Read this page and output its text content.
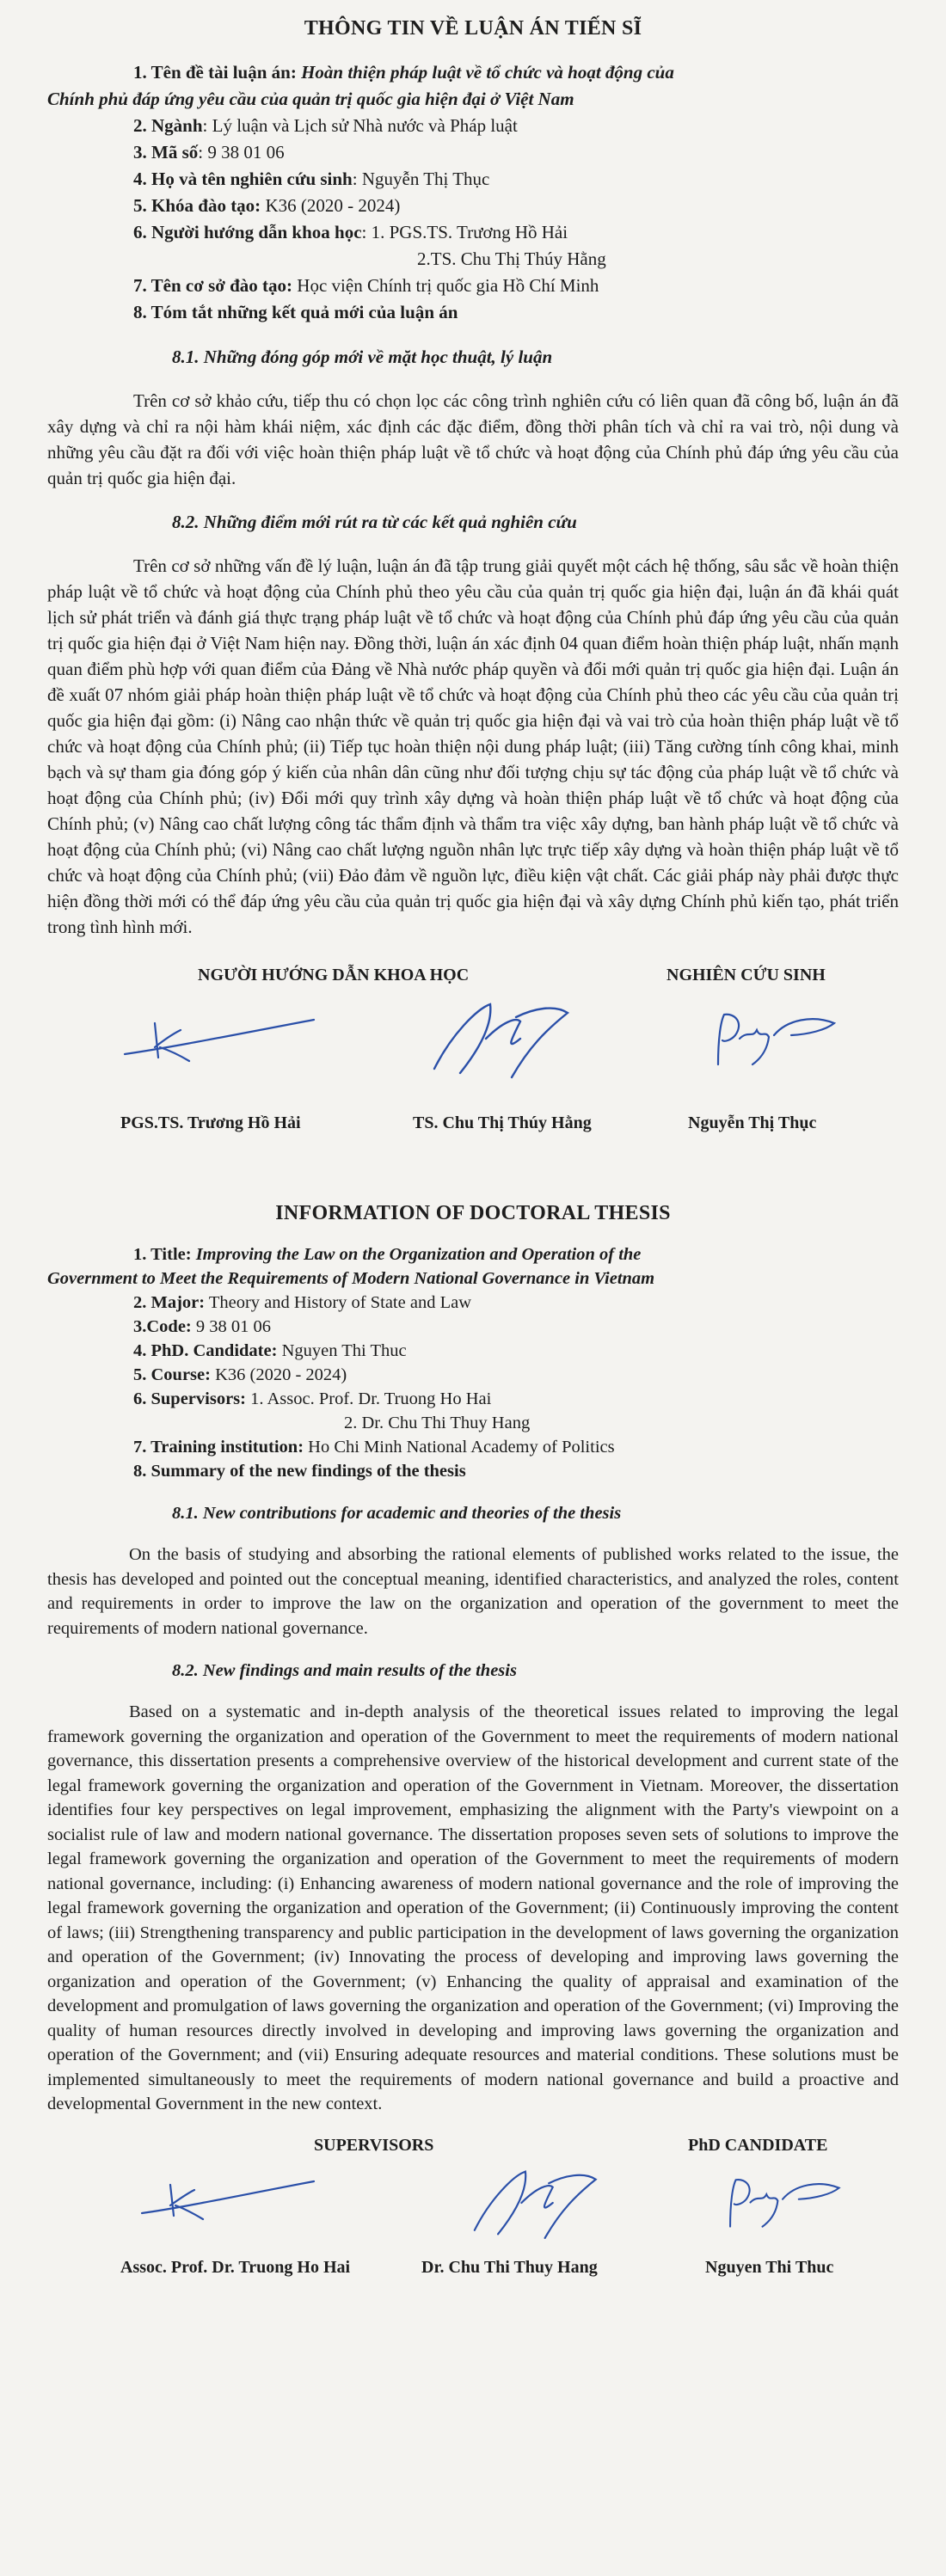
THÔNG TIN VỀ LUẬN ÁN TIẾN SĨ

1. Tên đề tài luận án: Hoàn thiện pháp luật về tổ chức và hoạt động của

Chính phủ đáp ứng yêu cầu của quản trị quốc gia hiện đại ở Việt Nam

2. Ngành: Lý luận và Lịch sử Nhà nước và Pháp luật

3. Mã số: 9 38 01 06

4. Họ và tên nghiên cứu sinh: Nguyễn Thị Thục

5. Khóa đào tạo: K36 (2020 - 2024)

6. Người hướng dẫn khoa học: 1. PGS.TS. Trương Hồ Hải

2.TS. Chu Thị Thúy Hằng

7. Tên cơ sở đào tạo: Học viện Chính trị quốc gia Hồ Chí Minh

8. Tóm tắt những kết quả mới của luận án

8.1. Những đóng góp mới về mặt học thuật, lý luận

Trên cơ sở khảo cứu, tiếp thu có chọn lọc các công trình nghiên cứu có liên quan đã công bố, luận án đã xây dựng và chỉ ra nội hàm khái niệm, xác định các đặc điểm, đồng thời phân tích và chỉ ra vai trò, nội dung và những yêu cầu đặt ra đối với việc hoàn thiện pháp luật về tổ chức và hoạt động của Chính phủ đáp ứng yêu cầu của quản trị quốc gia hiện đại.

8.2. Những điểm mới rút ra từ các kết quả nghiên cứu

Trên cơ sở những vấn đề lý luận, luận án đã tập trung giải quyết một cách hệ thống, sâu sắc về hoàn thiện pháp luật về tổ chức và hoạt động của Chính phủ theo yêu cầu của quản trị quốc gia hiện đại, luận án đã khái quát lịch sử phát triển và đánh giá thực trạng pháp luật về tổ chức và hoạt động của Chính phủ đáp ứng yêu cầu của quản trị quốc gia hiện đại ở Việt Nam hiện nay. Đồng thời, luận án xác định 04 quan điểm hoàn thiện pháp luật, nhấn mạnh quan điểm phù hợp với quan điểm của Đảng về Nhà nước pháp quyền và đổi mới quản trị quốc gia hiện đại. Luận án đề xuất 07 nhóm giải pháp hoàn thiện pháp luật về tổ chức và hoạt động của Chính phủ theo các yêu cầu của quản trị quốc gia hiện đại gồm: (i) Nâng cao nhận thức về quản trị quốc gia hiện đại và vai trò của hoàn thiện pháp luật về tổ chức và hoạt động của Chính phủ; (ii) Tiếp tục hoàn thiện nội dung pháp luật; (iii) Tăng cường tính công khai, minh bạch và sự tham gia đóng góp ý kiến của nhân dân cũng như đối tượng chịu sự tác động của pháp luật về tổ chức và hoạt động của Chính phủ; (iv) Đổi mới quy trình xây dựng và hoàn thiện pháp luật về tổ chức và hoạt động của Chính phủ; (v) Nâng cao chất lượng công tác thẩm định và thẩm tra việc xây dựng, ban hành pháp luật về tổ chức và hoạt động của Chính phủ; (vi) Nâng cao chất lượng nguồn nhân lực trực tiếp xây dựng và hoàn thiện pháp luật về tổ chức và hoạt động của Chính phủ; (vii) Đảo đảm về nguồn lực, điều kiện vật chất. Các giải pháp này phải được thực hiện đồng thời mới có thể đáp ứng yêu cầu của quản trị quốc gia hiện đại và xây dựng Chính phủ kiến tạo, phát triển trong tình hình mới.

NGƯỜI HƯỚNG DẪN KHOA HỌC	NGHIÊN CỨU SINH
PGS.TS. Trương Hồ Hải	TS. Chu Thị Thúy Hằng	Nguyễn Thị Thục
INFORMATION OF DOCTORAL THESIS

1. Title: Improving the Law on the Organization and Operation of the

Government to Meet the Requirements of Modern National Governance in Vietnam

2. Major: Theory and History of State and Law

3.Code: 9 38 01 06

4. PhD. Candidate: Nguyen Thi Thuc

5. Course: K36 (2020 - 2024)

6. Supervisors: 1. Assoc. Prof. Dr. Truong Ho Hai

2. Dr. Chu Thi Thuy Hang

7. Training institution: Ho Chi Minh National Academy of Politics

8. Summary of the new findings of the thesis

8.1. New contributions for academic and theories of the thesis

On the basis of studying and absorbing the rational elements of published works related to the issue, the thesis has developed and pointed out the conceptual meaning, identified characteristics, and analyzed the roles, content and requirements in order to improve the law on the organization and operation of the government to meet the requirements of modern national governance.

8.2. New findings and main results of the thesis

Based on a systematic and in-depth analysis of the theoretical issues related to improving the legal framework governing the organization and operation of the Government to meet the requirements of modern national governance, this dissertation presents a comprehensive overview of the historical development and current state of the legal framework governing the organization and operation of the Government in Vietnam. Moreover, the dissertation identifies four key perspectives on legal improvement, emphasizing the alignment with the Party's viewpoint on a socialist rule of law and modern national governance. The dissertation proposes seven sets of solutions to improve the legal framework governing the organization and operation of the Government to meet the requirements of modern national governance, including: (i) Enhancing awareness of modern national governance and the role of improving the legal framework governing the organization and operation of the Government; (ii) Continuously improving the content of laws; (iii) Strengthening transparency and public participation in the development of laws governing the organization and operation of the Government; (iv) Innovating the process of developing and improving laws governing the organization and operation of the Government; (v) Enhancing the quality of appraisal and examination of the development and promulgation of laws governing the organization and operation of the Government; (vi) Improving the quality of human resources directly involved in developing and improving laws governing the organization and operation of the Government; and (vii) Ensuring adequate resources and material conditions. These solutions must be implemented simultaneously to meet the requirements of modern national governance and build a proactive and developmental Government in the new context.

SUPERVISORS	PhD CANDIDATE
Assoc. Prof. Dr. Truong Ho Hai	Dr. Chu Thi Thuy Hang	Nguyen Thi Thuc
